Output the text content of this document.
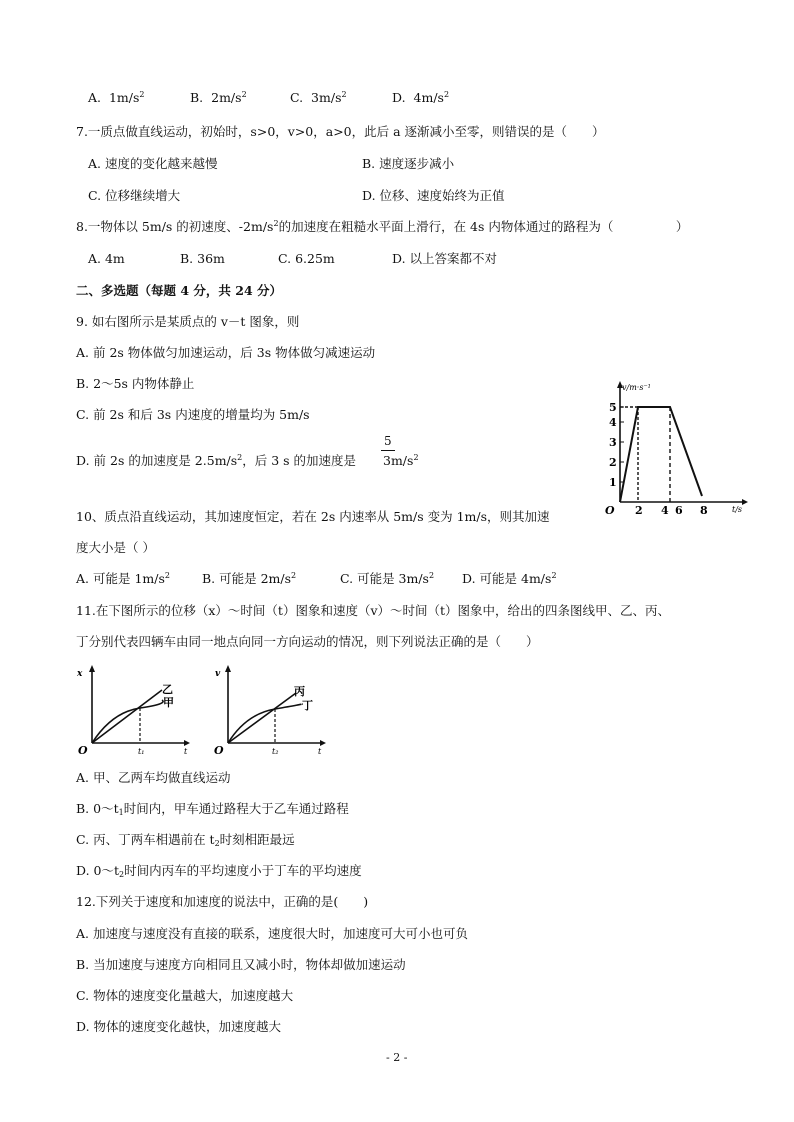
A. $1m/s^2$	B. $2m/s^2$	C. $3m/s^2$	D. $4m/s^2$
7.一质点做直线运动，初始时，s>0，v>0，a>0，此后 a 逐渐减小至零，则错误的是（　　）
A. 速度的变化越来越慢	B. 速度逐步减小
C. 位移继续增大	D. 位移、速度始终为正值
8.一物体以 5m/s 的初速度、$-2m/s^2$的加速度在粗糙水平面上滑行，在 4s 内物体通过的路程为（　　　　　）
A. 4m	B. 36m	C. 6.25m	D. 以上答案都不对
二、多选题（每题 4 分，共 24 分）
9. 如右图所示是某质点的 v－t 图象，则
A. 前 2s 物体做匀加速运动，后 3s 物体做匀减速运动
B. 2～5s 内物体静止
C. 前 2s 和后 3s 内速度的增量均为 5m/s
D. 前 2s 的加速度是 $2.5m/s^2$，后 3 s 的加速度是
5
$3m/s^2$
1
2
3
4
5
v/m·s⁻¹
O 2 4 6 8	t/s
10、质点沿直线运动，其加速度恒定，若在 2s 内速率从 5m/s 变为 1m/s，则其加速
度大小是（ ）
A. 可能是 $1m/s^2$	B. 可能是 $2m/s^2$	C. 可能是 $3m/s^2$ D. 可能是 $4m/s^2$
11.在下图所示的位移（x）～时间（t）图象和速度（v）～时间（t）图象中，给出的四条图线甲、乙、丙、
丁分别代表四辆车由同一地点向同一方向运动的情况，则下列说法正确的是（　　）
x
O	t₁	t
乙
甲
v
O	t₂	t
丙
丁
A. 甲、乙两车均做直线运动
B. $0\sim t_1$时间内，甲车通过路程大于乙车通过路程
C. 丙、丁两车相遇前在 $t_2$时刻相距最远
D. $0\sim t_2$时间内丙车的平均速度小于丁车的平均速度
12.下列关于速度和加速度的说法中，正确的是(　　)
A. 加速度与速度没有直接的联系，速度很大时，加速度可大可小也可负
B. 当加速度与速度方向相同且又减小时，物体却做加速运动
C. 物体的速度变化量越大，加速度越大
D. 物体的速度变化越快，加速度越大
- 2 -
